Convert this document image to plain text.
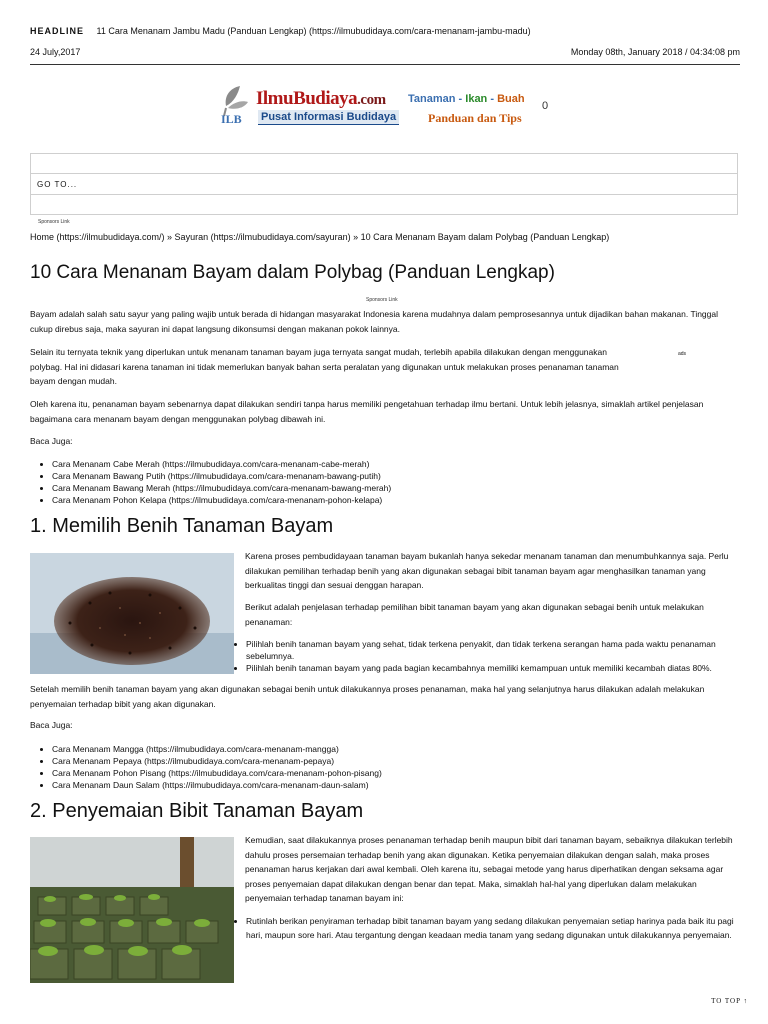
HEADLINE 11 Cara Menanam Jambu Madu (Panduan Lengkap) (https://ilmubudidaya.com/cara-menanam-jambu-madu)
24 July,2017	Monday 08th, January 2018 / 04:34:08 pm
IlmuBudiaya.com
ILB Pusat Informasi Budidaya
Tanaman - Ikan - Buah
Panduan dan Tips
0
GO TO...
Sponsors Link
Home (https://ilmubudidaya.com/) » Sayuran (https://ilmubudidaya.com/sayuran) » 10 Cara Menanam Bayam dalam Polybag (Panduan Lengkap)
10 Cara Menanam Bayam dalam Polybag (Panduan Lengkap)
Sponsors Link

Bayam adalah salah satu sayur yang paling wajib untuk berada di hidangan masyarakat Indonesia karena mudahnya dalam pemprosesannya untuk dijadikan bahan makanan. Tinggal cukup direbus saja, maka sayuran ini dapat langsung dikonsumsi dengan makanan pokok lainnya.

Selain itu ternyata teknik yang diperlukan untuk menanam tanaman bayam juga ternyata sangat mudah, terlebih apabila dilakukan dengan menggunakan polybag. Hal ini didasari karena tanaman ini tidak memerlukan banyak bahan serta peralatan yang digunakan untuk melakukan proses penanaman tanaman bayam dengan mudah.

ads

Oleh karena itu, penanaman bayam sebenarnya dapat dilakukan sendiri tanpa harus memiliki pengetahuan terhadap ilmu bertani. Untuk lebih jelasnya, simaklah artikel penjelasan bagaimana cara menanam bayam dengan menggunakan polybag dibawah ini.

Baca Juga:
• Cara Menanam Cabe Merah (https://ilmubudidaya.com/cara-menanam-cabe-merah)
• Cara Menanam Bawang Putih (https://ilmubudidaya.com/cara-menanam-bawang-putih)
• Cara Menanam Bawang Merah (https://ilmubudidaya.com/cara-menanam-bawang-merah)
• Cara Menanam Pohon Kelapa (https://ilmubudidaya.com/cara-menanam-pohon-kelapa)
1. Memilih Benih Tanaman Bayam

Karena proses pembudidayaan tanaman bayam bukanlah hanya sekedar menanam tanaman dan menumbuhkannya saja. Perlu dilakukan pemilihan terhadap benih yang akan digunakan sebagai bibit tanaman bayam agar menghasilkan tanaman yang berkualitas tinggi dan sesuai denggan harapan.

Berikut adalah penjelasan terhadap pemilihan bibit tanaman bayam yang akan digunakan sebagai benih untuk melakukan penanaman:

• Pilihlah benih tanaman bayam yang sehat, tidak terkena penyakit, dan tidak terkena serangan hama pada waktu penanaman sebelumnya.
• Pilihlah benih tanaman bayam yang pada bagian kecambahnya memiliki kemampuan untuk memiliki kecambah diatas 80%.

Setelah memilih benih tanaman bayam yang akan digunakan sebagai benih untuk dilakukannya proses penanaman, maka hal yang selanjutnya harus dilakukan adalah melakukan penyemaian terhadap bibit yang akan digunakan.

Baca Juga:
• Cara Menanam Mangga (https://ilmubudidaya.com/cara-menanam-mangga)
• Cara Menanam Pepaya (https://ilmubudidaya.com/cara-menanam-pepaya)
• Cara Menanam Pohon Pisang (https://ilmubudidaya.com/cara-menanam-pohon-pisang)
• Cara Menanam Daun Salam (https://ilmubudidaya.com/cara-menanam-daun-salam)
2. Penyemaian Bibit Tanaman Bayam

Kemudian, saat dilakukannya proses penanaman terhadap benih maupun bibit dari tanaman bayam, sebaiknya dilakukan terlebih dahulu proses persemaian terhadap benih yang akan digunakan. Ketika penyemaian dilakukan dengan salah, maka proses penanaman harus kerjakan dari awal kembali. Oleh karena itu, sebagai metode yang harus diperhatikan dengan seksama agar proses penyemaian dapat dilakukan dengan benar dan tepat. Maka, simaklah hal-hal yang diperlukan dalam melakukan penyemaian terhadap tanaman bayam ini:

• Rutinlah berikan penyiraman terhadap bibit tanaman bayam yang sedang dilakukan penyemaian setiap harinya pada baik itu pagi hari, maupun sore hari. Atau tergantung dengan keadaan media tanam yang sedang digunakan untuk dilakukannya penyemaian.
TO TOP ↑
